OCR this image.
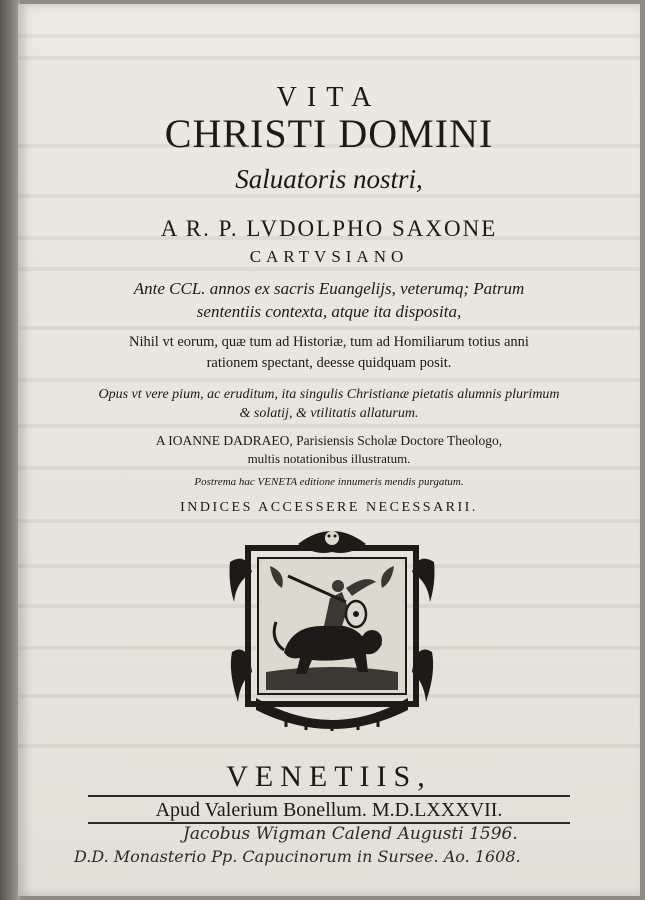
VITA
CHRISTI DOMINI
Saluatoris nostri,
A R. P. LVDOLPHO SAXONE
CARTVSIANO
Ante CCL. annos ex sacris Euangelijs, veterumq; Patrum
sententiis contexta, atque ita disposita,
Nihil vt eorum, quæ tum ad Historiæ, tum ad Homiliarum totius anni
rationem spectant, deesse quidquam posit.
Opus vt vere pium, ac eruditum, ita singulis Christianæ pietatis alumnis plurimum
& solatij, & vtilitatis allaturum.
A IOANNE DADRAEO, Parisiensis Scholæ Doctore Theologo,
multis notationibus illustratum.
Postrema hac VENETA editione innumeris mendis purgatum.
INDICES ACCESSERE NECESSARII.
VENETIIS,
Apud Valerium Bonellum. M.D.LXXXVII.
Jacobus Wigman Calend Augusti 1596.
D.D. Monasterio Pp. Capucinorum in Sursee. Ao. 1608.
